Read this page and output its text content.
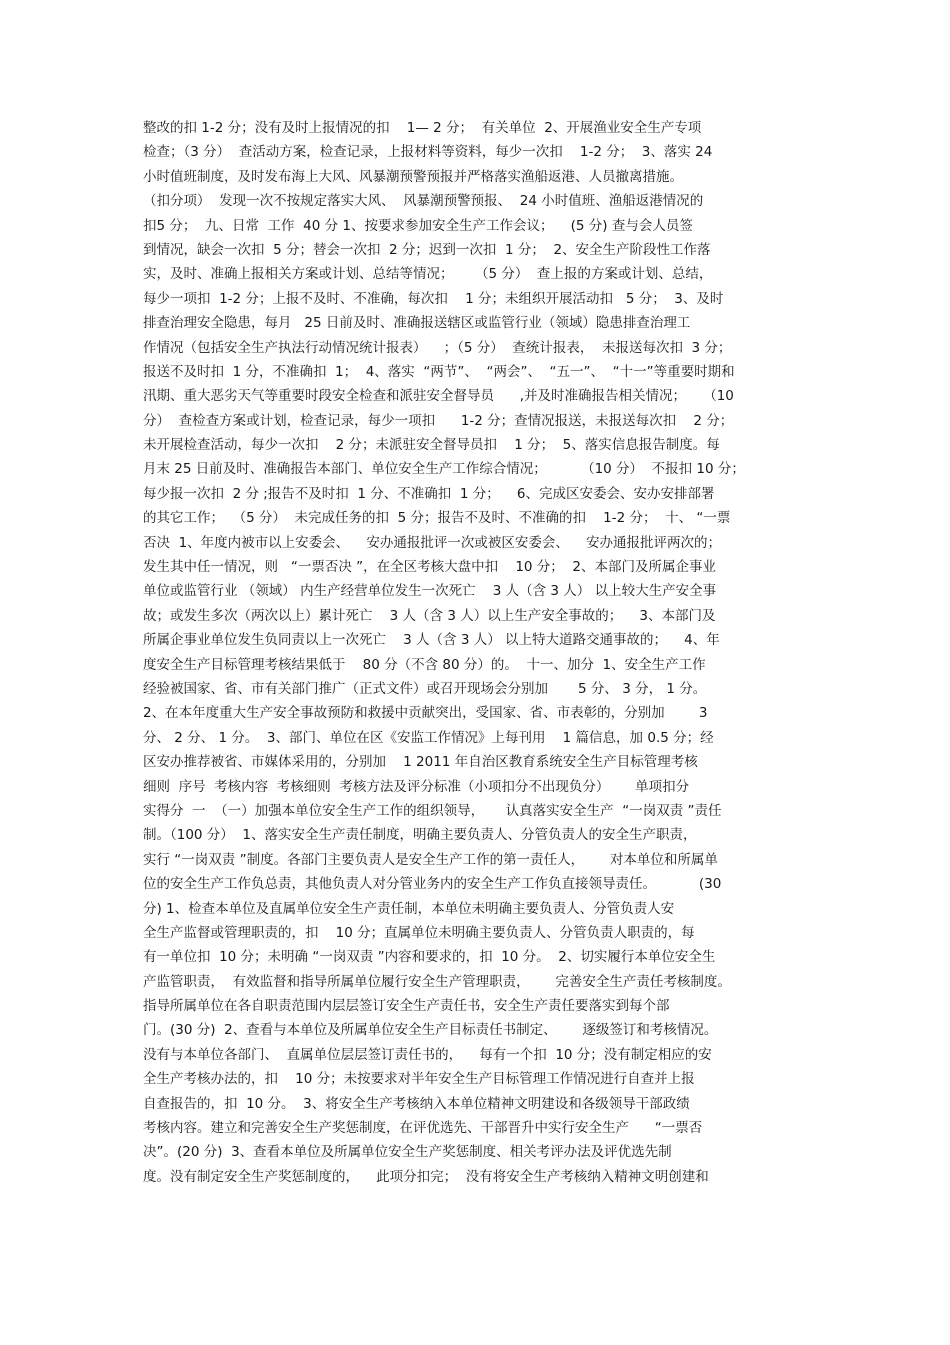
整改的扣 1-2 分；没有及时上报情况的扣    1— 2 分；  有关单位  2、开展渔业安全生产专项
检查；（3 分）  查活动方案，检查记录，上报材料等资料，每少一次扣    1-2 分；  3、落实 24
小时值班制度，及时发布海上大风、风暴潮预警预报并严格落实渔船返港、人员撤离措施。
（扣分项）  发现一次不按规定落实大风、  风暴潮预警预报、  24 小时值班、渔船返港情况的
扣5 分；  九、日常  工作  40 分 1、按要求参加安全生产工作会议；    (5 分) 查与会人员签
到情况，缺会一次扣  5 分；替会一次扣  2 分；迟到一次扣  1 分；  2、安全生产阶段性工作落
实，及时、准确上报相关方案或计划、总结等情况；     （5 分）  查上报的方案或计划、总结，
每少一项扣  1-2 分；上报不及时、不准确，每次扣    1 分；未组织开展活动扣   5 分；  3、及时
排查治理安全隐患，每月   25 日前及时、准确报送辖区或监管行业（领域）隐患排查治理工
作情况（包括安全生产执法行动情况统计报表）    ；（5 分）  查统计报表，  未报送每次扣  3 分；
报送不及时扣  1 分，不准确扣  1；  4、落实  “两节”、  “两会”、  “五一”、  “十一”等重要时期和
汛期、重大恶劣天气等重要时段安全检查和派驻安全督导员      ,并及时准确报告相关情况；    （10
分）  查检查方案或计划，检查记录，每少一项扣      1-2 分；查情况报送，未报送每次扣    2 分；
未开展检查活动，每少一次扣    2 分；未派驻安全督导员扣    1 分；  5、落实信息报告制度。每
月末 25 日前及时、准确报告本部门、单位安全生产工作综合情况；        （10 分）  不报扣 10 分；
每少报一次扣  2 分 ;报告不及时扣  1 分、不准确扣  1 分；    6、完成区安委会、安办安排部署
的其它工作；  （5 分）  未完成任务的扣  5 分；报告不及时、不准确的扣    1-2 分；  十、 “一票
否决  1、年度内被市以上安委会、    安办通报批评一次或被区安委会、    安办通报批评两次的；
发生其中任一情况，则   “一票否决 ”，在全区考核大盘中扣    10 分；  2、本部门及所属企事业
单位或监管行业 （领域） 内生产经营单位发生一次死亡    3 人（含 3 人） 以上较大生产安全事
故；或发生多次（两次以上）累计死亡    3 人（含 3 人）以上生产安全事故的；    3、本部门及
所属企事业单位发生负同责以上一次死亡    3 人（含 3 人） 以上特大道路交通事故的；    4、年
度安全生产目标管理考核结果低于    80 分（不含 80 分）的。  十一、加分  1、安全生产工作
经验被国家、省、市有关部门推广（正式文件）或召开现场会分别加       5 分、 3 分， 1 分。
2、在本年度重大生产安全事故预防和救援中贡献突出，受国家、省、市表彰的，分别加        3
分、 2 分、 1 分。  3、部门、单位在区《安监工作情况》上每刊用    1 篇信息，加 0.5 分；经
区安办推荐被省、市媒体采用的，分别加    1 2011 年自治区教育系统安全生产目标管理考核
细则  序号  考核内容  考核细则  考核方法及评分标准（小项扣分不出现负分）      单项扣分
实得分  一  （一）加强本单位安全生产工作的组织领导，     认真落实安全生产  “一岗双责 ”责任
制。（100 分）  1、落实安全生产责任制度，明确主要负责人、分管负责人的安全生产职责，
实行 “一岗双责 ”制度。各部门主要负责人是安全生产工作的第一责任人，      对本单位和所属单
位的安全生产工作负总责，其他负责人对分管业务内的安全生产工作负直接领导责任。          (30
分) 1、检查本单位及直属单位安全生产责任制，本单位未明确主要负责人、分管负责人安
全生产监督或管理职责的，扣    10 分；直属单位未明确主要负责人、分管负责人职责的，每
有一单位扣  10 分；未明确 “一岗双责 ”内容和要求的，扣  10 分。  2、切实履行本单位安全生
产监管职责，  有效监督和指导所属单位履行安全生产管理职责，      完善安全生产责任考核制度。
指导所属单位在各自职责范围内层层签订安全生产责任书，安全生产责任要落实到每个部
门。(30 分)  2、查看与本单位及所属单位安全生产目标责任书制定、      逐级签订和考核情况。
没有与本单位各部门、  直属单位层层签订责任书的，    每有一个扣  10 分；没有制定相应的安
全生产考核办法的，扣    10 分；未按要求对半年安全生产目标管理工作情况进行自查并上报
自查报告的，扣  10 分。  3、将安全生产考核纳入本单位精神文明建设和各级领导干部政绩
考核内容。建立和完善安全生产奖惩制度，在评优选先、干部晋升中实行安全生产      “一票否
决”。(20 分)  3、查看本单位及所属单位安全生产奖惩制度、相关考评办法及评优选先制
度。没有制定安全生产奖惩制度的，    此项分扣完；  没有将安全生产考核纳入精神文明创建和
